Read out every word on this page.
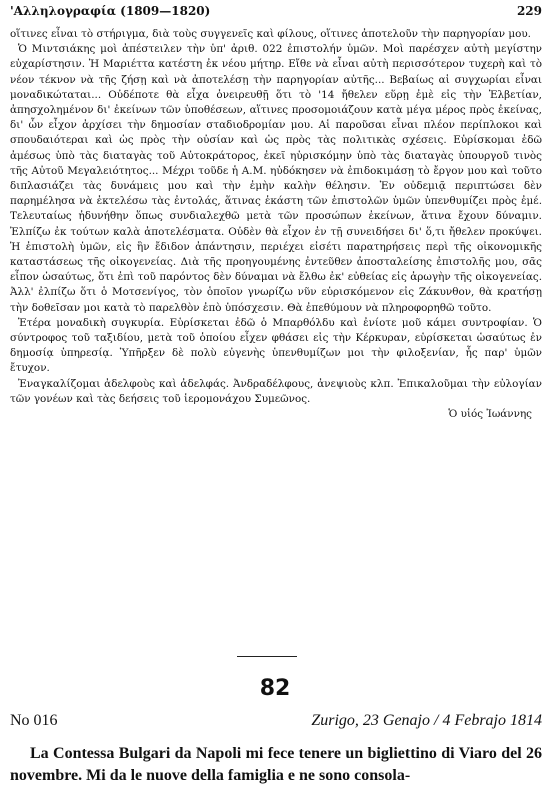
'Αλληλογραφία (1809—1820)	229

οἵτινες εἶναι τὸ στήριγμα, διὰ τοὺς συγγενεῖς καὶ φίλους, οἵτινες ἀποτελοῦν τὴν παρηγορίαν μου.

Ὁ Μιντσιάκης μοὶ ἀπέστειλεν τὴν ὑπ' ἀριθ. 022 ἐπιστολήν ὑμῶν. Μοὶ παρέσχεν αὐτὴ μεγίστην εὐχαρίστησιν. Ἡ Μαριέττα κατέστη ἐκ νέου μήτηρ. Εἴθε νὰ εἶναι αὐτὴ περισσότερον τυχερὴ καὶ τὸ νέον τέκνον νὰ τῆς ζήσῃ καὶ νὰ ἀποτελέσῃ τὴν παρηγορίαν αὐτῆς... Βεβαίως αἱ συγχωρίαι εἶναι μοναδικώταται... Οὐδέποτε θὰ εἶχα ὀνειρευθῇ ὅτι τὸ '14 ἤθελεν εὕρῃ ἐμὲ εἰς τὴν Ἑλβετίαν, ἀπησχολημένον δι' ἐκείνων τῶν ὑποθέσεων, αἵτινες προσομοιάζουν κατὰ μέγα μέρος πρὸς ἐκείνας, δι' ὧν εἶχον ἀρχίσει τὴν δημοσίαν σταδιοδρομίαν μου. Αἱ παροῦσαι εἶναι πλέον περίπλοκοι καὶ σπουδαιότεραι καὶ ὡς πρὸς τὴν οὐσίαν καὶ ὡς πρὸς τὰς πολιτικὰς σχέσεις. Εὑρίσκομαι ἐδῶ ἀμέσως ὑπὸ τὰς διαταγὰς τοῦ Αὐτοκράτορος, ἐκεῖ ηὑρισκόμην ὑπὸ τὰς διαταγὰς ὑπουργοῦ τινὸς τῆς Αὐτοῦ Μεγαλειότητος... Μέχρι τοῦδε ἡ Α.Μ. ηὐδόκησεν νὰ ἐπιδοκιμάσῃ τὸ ἔργον μου καὶ τοῦτο διπλασιάζει τὰς δυνάμεις μου καὶ τὴν ἐμὴν καλὴν θέλησιν. Ἐν οὐδεμιᾷ περιπτώσει δὲν παρημέλησα νὰ ἐκτελέσω τὰς ἐντολάς, ἅτινας ἑκάστη τῶν ἐπιστολῶν ὑμῶν ὑπενθυμίζει πρὸς ἐμέ. Τελευταίως ἠδυνήθην ὅπως συνδιαλεχθῶ μετὰ τῶν προσώπων ἐκείνων, ἅτινα ἔχουν δύναμιν. Ἐλπίζω ἐκ τούτων καλὰ ἀποτελέσματα. Οὐδὲν θὰ εἶχον ἐν τῇ συνειδήσει δι' ὅ,τι ἤθελεν προκύψει. Ἡ ἐπιστολὴ ὑμῶν, εἰς ἣν ἔδιδον ἀπάντησιν, περιέχει εἰσέτι παρατηρήσεις περὶ τῆς οἰκονομικῆς καταστάσεως τῆς οἰκογενείας. Διὰ τῆς προηγουμένης ἐντεῦθεν ἀποσταλείσης ἐπιστολῆς μου, σᾶς εἶπον ὡσαύτως, ὅτι ἐπὶ τοῦ παρόντος δὲν δύναμαι νὰ ἔλθω ἐκ' εὐθείας εἰς ἀρωγὴν τῆς οἰκογενείας. Ἀλλ' ἐλπίζω ὅτι ὁ Μοτσενίγος, τὸν ὁποῖον γνωρίζω νῦν εὑρισκόμενον εἰς Ζάκυνθον, θὰ κρατήσῃ τὴν δοθεῖσαν μοι κατὰ τὸ παρελθὸν ἐπὸ ὑπόσχεσιν. Θὰ ἐπεθύμουν νὰ πληροφορηθῶ τοῦτο.

Ἑτέρα μοναδικὴ συγκυρία. Εὑρίσκεται ἐδῶ ὁ Μπαρθόλδυ καὶ ἐνίοτε μοῦ κάμει συντροφίαν. Ὁ σύντροφος τοῦ ταξιδίου, μετὰ τοῦ ὁποίου εἶχεν φθάσει εἰς τὴν Κέρκυραν, εὑρίσκεται ὡσαύτως ἐν δημοσίᾳ ὑπηρεσίᾳ. Ὑπῆρξεν δὲ πολὺ εὐγενὴς ὑπενθυμίζων μοι τὴν φιλοξενίαν, ἧς παρ' ὑμῶν ἔτυχον.

Ἐναγκαλίζομαι ἀδελφοὺς καὶ ἀδελφάς. Ἀνδραδέλφους, ἀνεψιοὺς κλπ. Ἐπικαλοῦμαι τὴν εὐλογίαν τῶν γονέων καὶ τὰς δεήσεις τοῦ ἱερομονάχου Συμεῶνος.

Ὁ υἱός Ἰωάννης

82
No 016	Zurigo, 23 Genajo / 4 Febrajo 1814

La Contessa Bulgari da Napoli mi fece tenere un bigliettino di Viaro del 26 novembre. Mi da le nuove della famiglia e ne sono consola-
